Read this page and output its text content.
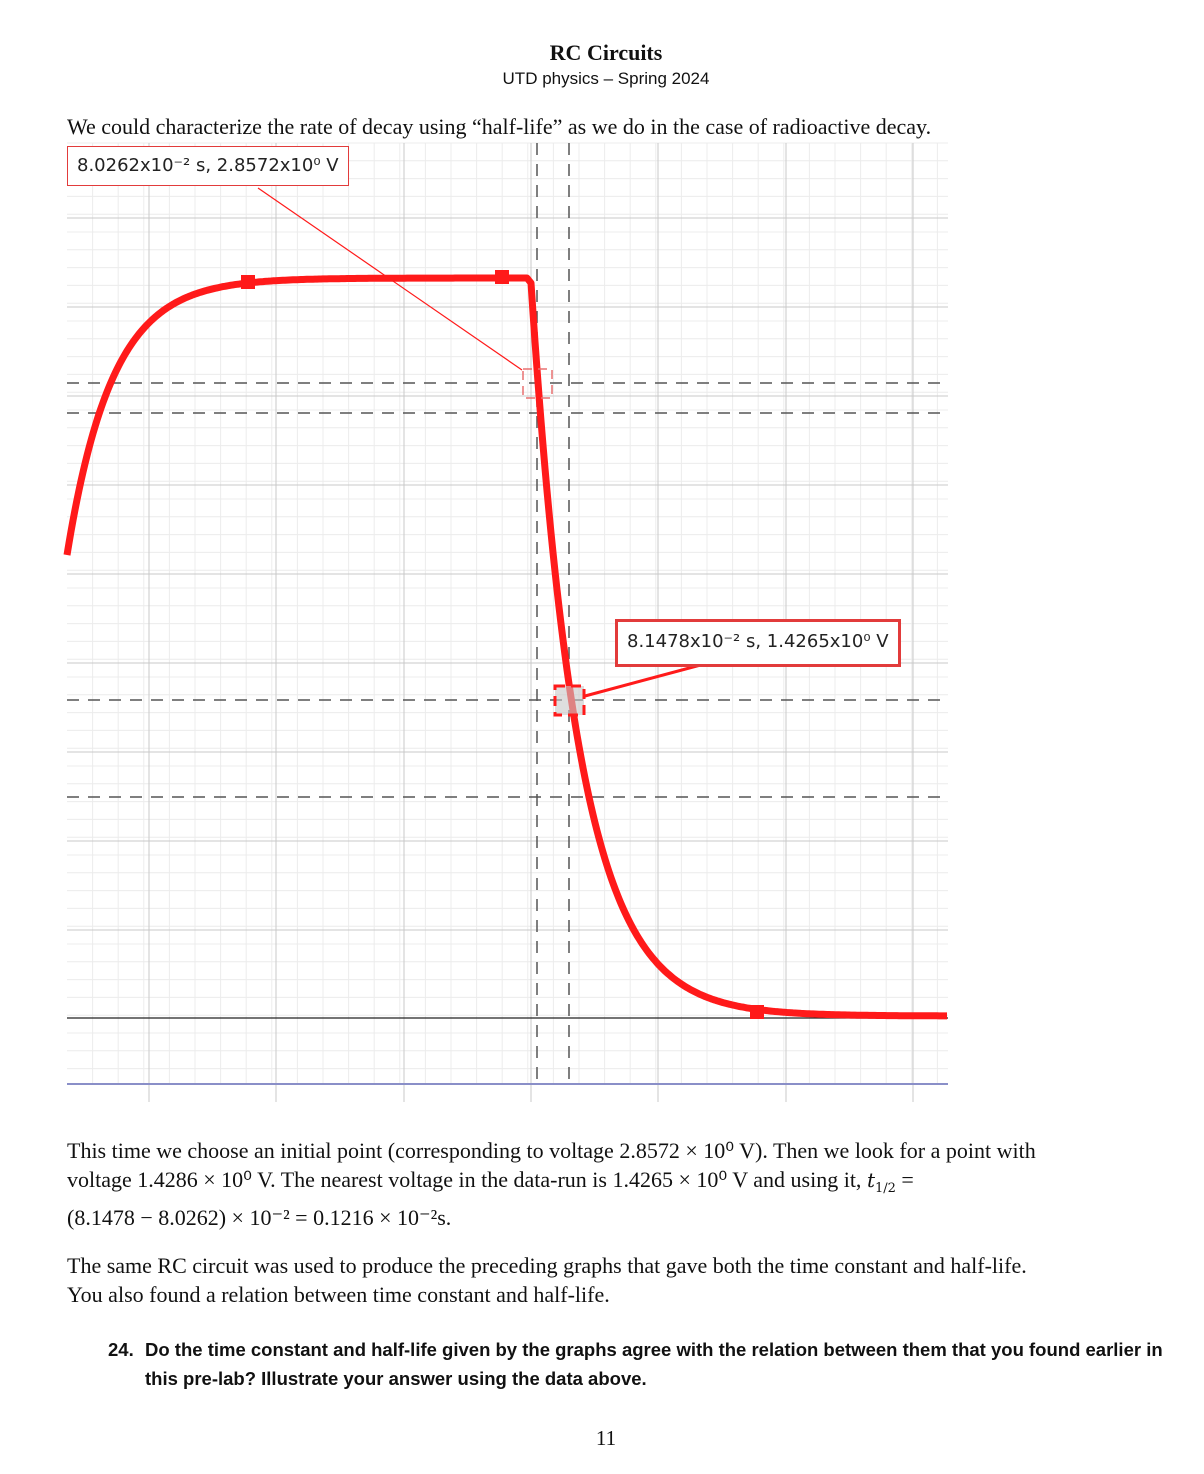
RC Circuits
UTD physics – Spring 2024
We could characterize the rate of decay using “half-life” as we do in the case of radioactive decay.
8.0262x10⁻² s, 2.8572x10⁰ V
8.1478x10⁻² s, 1.4265x10⁰ V
This time we choose an initial point (corresponding to voltage 2.8572 × 10⁰ V). Then we look for a point with
voltage 1.4286 × 10⁰ V. The nearest voltage in the data-run is 1.4265 × 10⁰ V and using it, $t_{1/2}$ =
(8.1478 − 8.0262) × 10⁻² = 0.1216 × 10⁻²s.
The same RC circuit was used to produce the preceding graphs that gave both the time constant and half-life.
You also found a relation between time constant and half-life.
24. Do the time constant and half-life given by the graphs agree with the relation between them that you found earlier in this pre-lab? Illustrate your answer using the data above.
11
